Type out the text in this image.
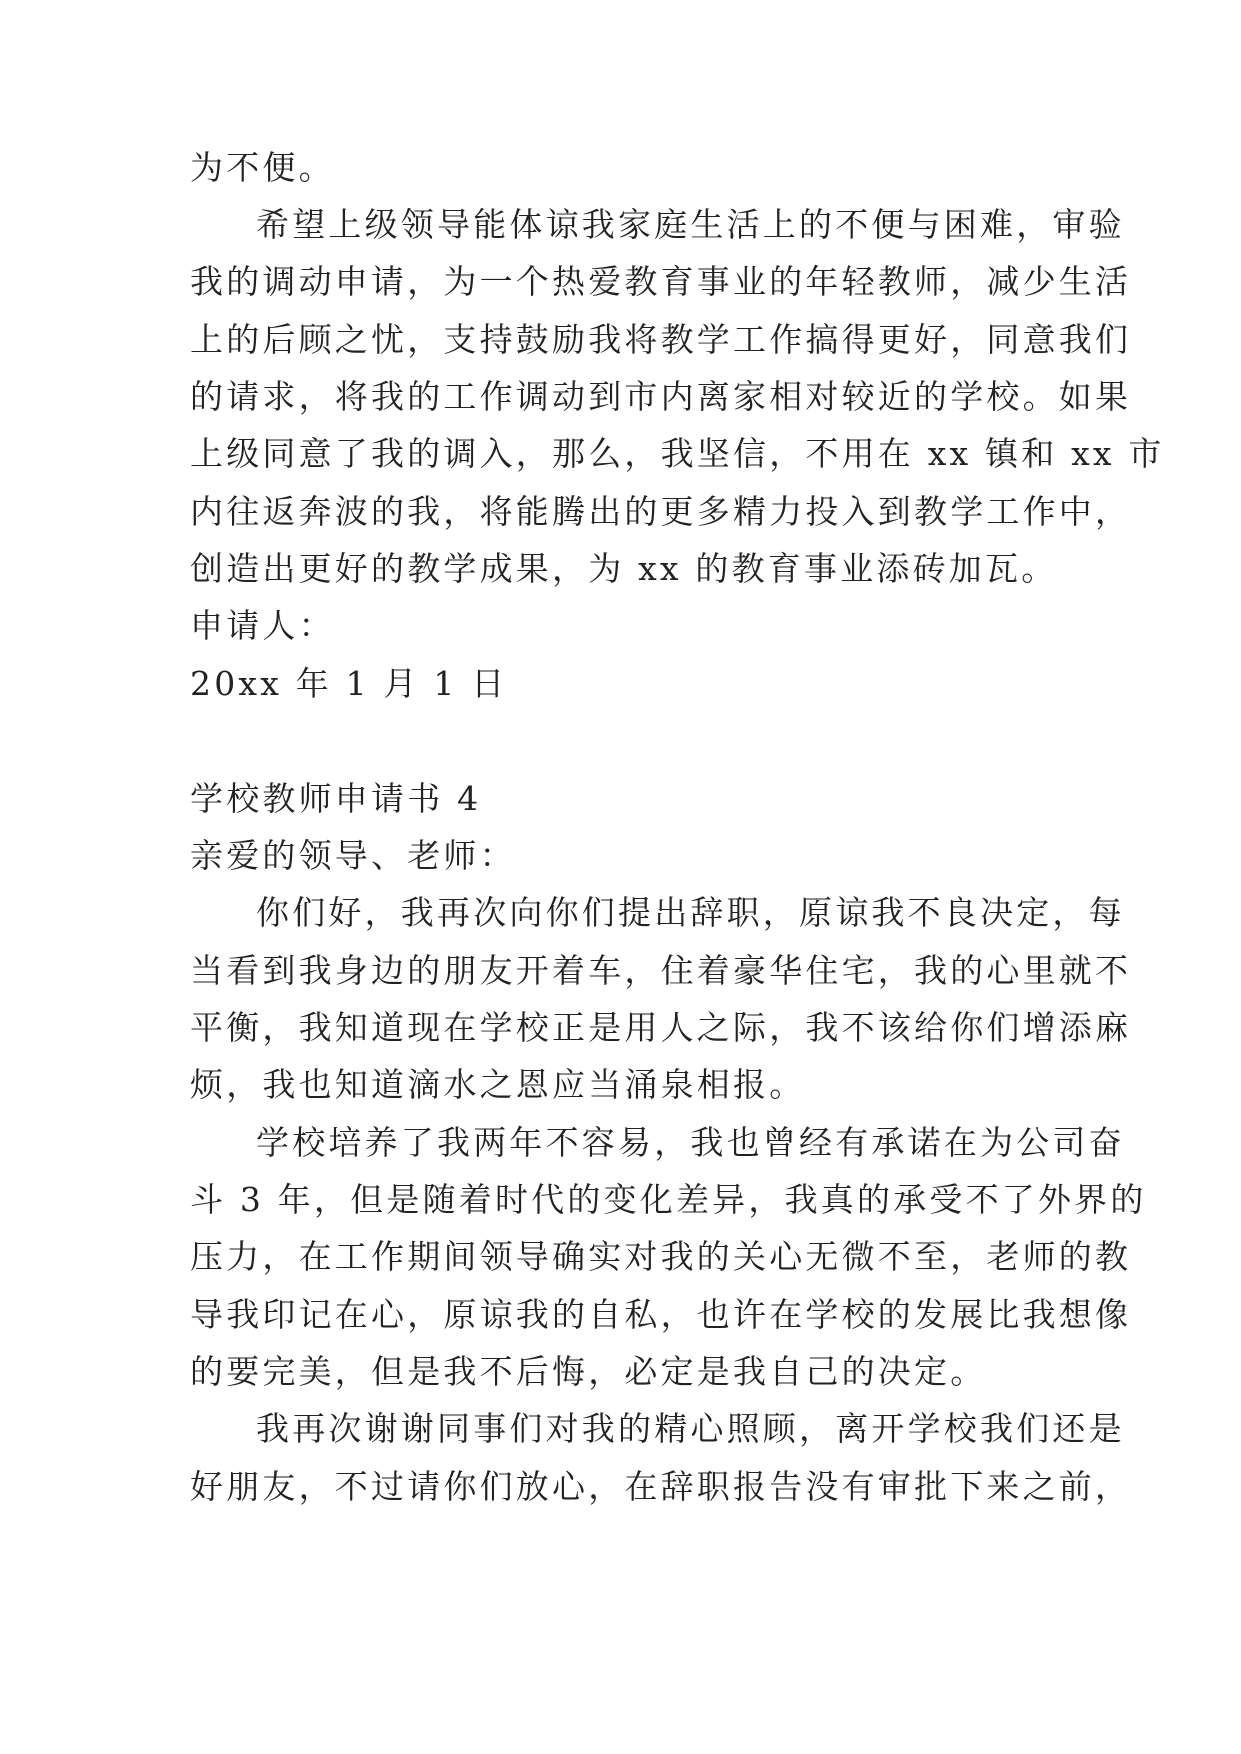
为不便。
希望上级领导能体谅我家庭生活上的不便与困难，审验
我的调动申请，为一个热爱教育事业的年轻教师，减少生活
上的后顾之忧，支持鼓励我将教学工作搞得更好，同意我们
的请求，将我的工作调动到市内离家相对较近的学校。如果
上级同意了我的调入，那么，我坚信，不用在 xx 镇和 xx 市
内往返奔波的我，将能腾出的更多精力投入到教学工作中，
创造出更好的教学成果，为 xx 的教育事业添砖加瓦。
申请人：
20xx 年 1 月 1 日
学校教师申请书 4
亲爱的领导、老师：
你们好，我再次向你们提出辞职，原谅我不良决定，每
当看到我身边的朋友开着车，住着豪华住宅，我的心里就不
平衡，我知道现在学校正是用人之际，我不该给你们增添麻
烦，我也知道滴水之恩应当涌泉相报。
学校培养了我两年不容易，我也曾经有承诺在为公司奋
斗 3 年，但是随着时代的变化差异，我真的承受不了外界的
压力，在工作期间领导确实对我的关心无微不至，老师的教
导我印记在心，原谅我的自私，也许在学校的发展比我想像
的要完美，但是我不后悔，必定是我自己的决定。
我再次谢谢同事们对我的精心照顾，离开学校我们还是
好朋友，不过请你们放心，在辞职报告没有审批下来之前，
